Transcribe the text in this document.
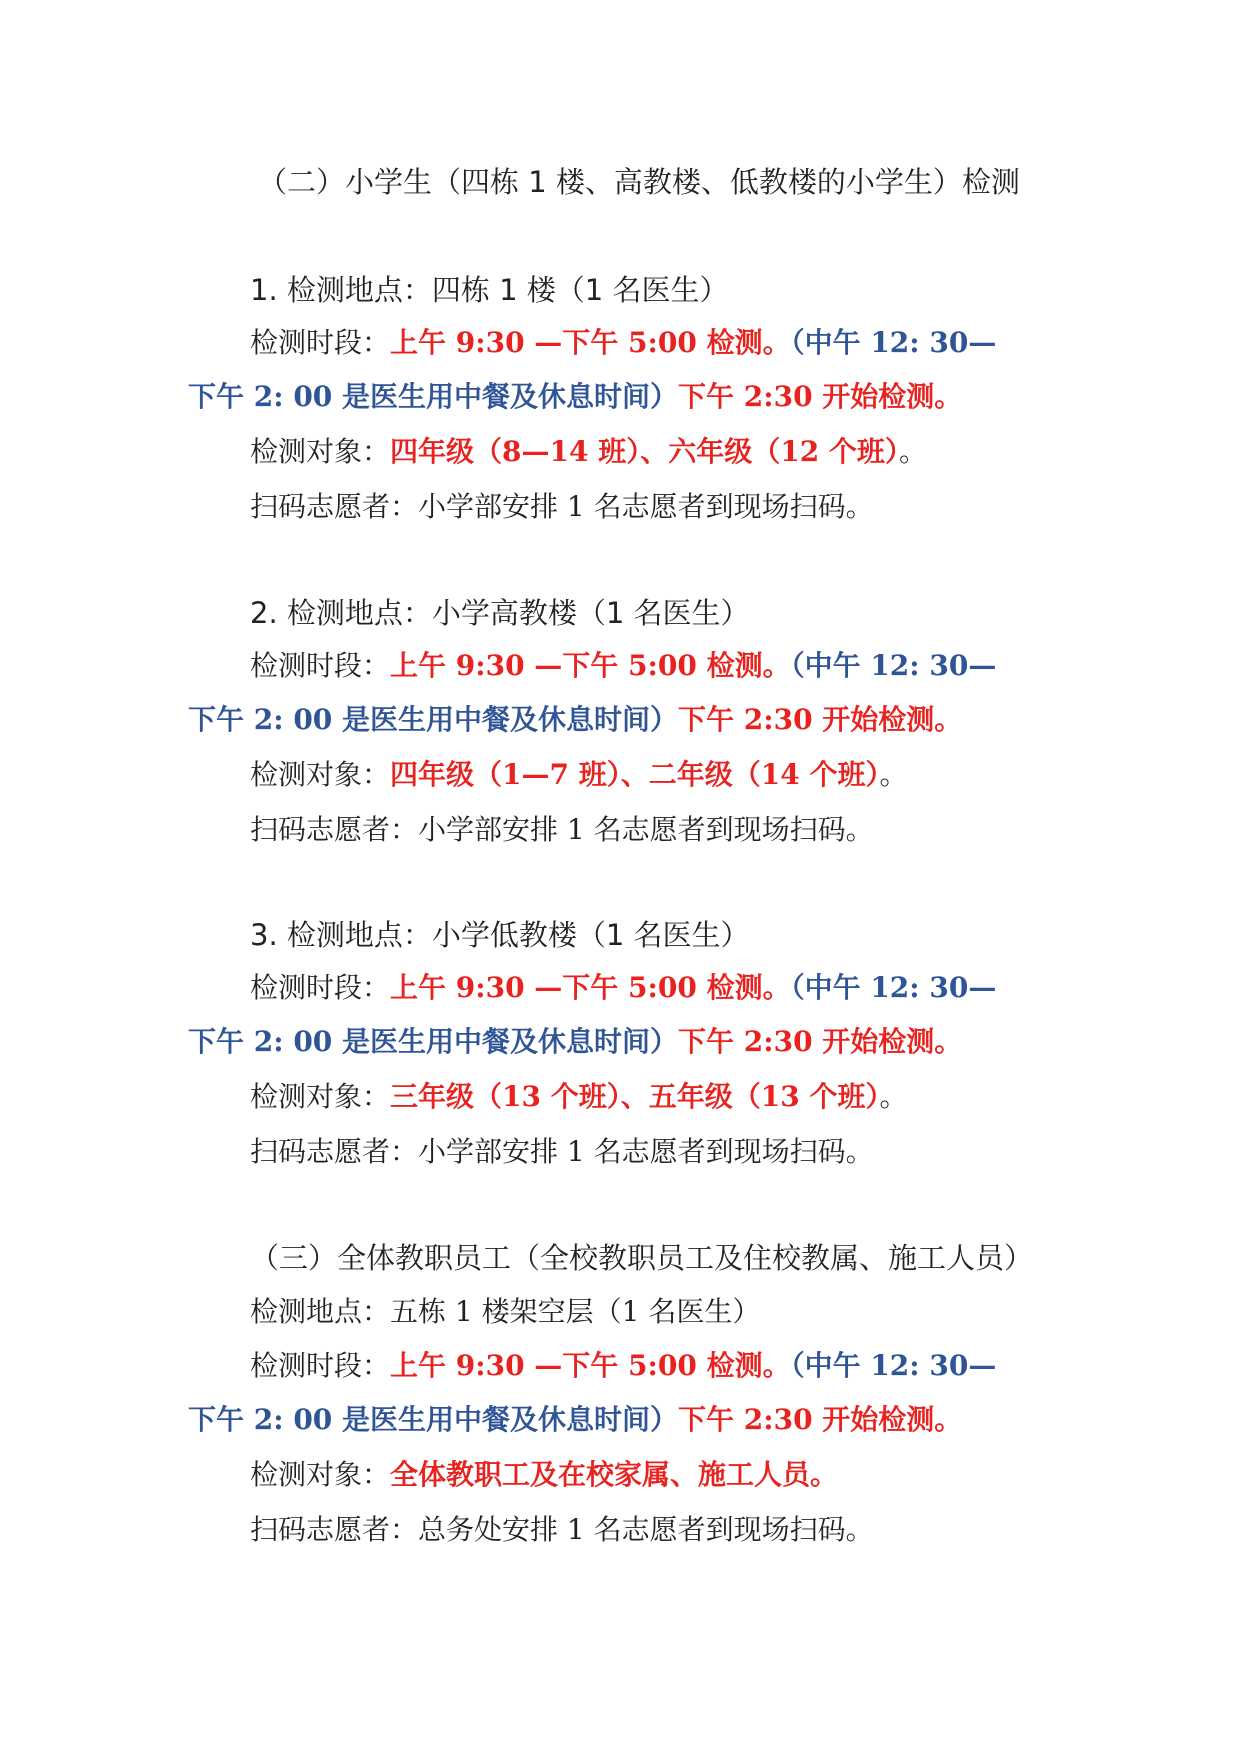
（二）小学生（四栋 1 楼、高教楼、低教楼的小学生）检测
1. 检测地点：四栋 1 楼（1 名医生）
检测时段：上午 9:30 —下午 5:00 检测。（中午 12: 30—
下午 2: 00 是医生用中餐及休息时间）下午 2:30 开始检测。
检测对象：四年级（8—14 班）、六年级（12 个班）。
扫码志愿者：小学部安排 1 名志愿者到现场扫码。
2. 检测地点：小学高教楼（1 名医生）
检测时段：上午 9:30 —下午 5:00 检测。（中午 12: 30—
下午 2: 00 是医生用中餐及休息时间）下午 2:30 开始检测。
检测对象：四年级（1—7 班）、二年级（14 个班）。
扫码志愿者：小学部安排 1 名志愿者到现场扫码。
3. 检测地点：小学低教楼（1 名医生）
检测时段：上午 9:30 —下午 5:00 检测。（中午 12: 30—
下午 2: 00 是医生用中餐及休息时间）下午 2:30 开始检测。
检测对象：三年级（13 个班）、五年级（13 个班）。
扫码志愿者：小学部安排 1 名志愿者到现场扫码。
（三）全体教职员工（全校教职员工及住校教属、施工人员）
检测地点：五栋 1 楼架空层（1 名医生）
检测时段：上午 9:30 —下午 5:00 检测。（中午 12: 30—
下午 2: 00 是医生用中餐及休息时间）下午 2:30 开始检测。
检测对象：全体教职工及在校家属、施工人员。
扫码志愿者：总务处安排 1 名志愿者到现场扫码。
